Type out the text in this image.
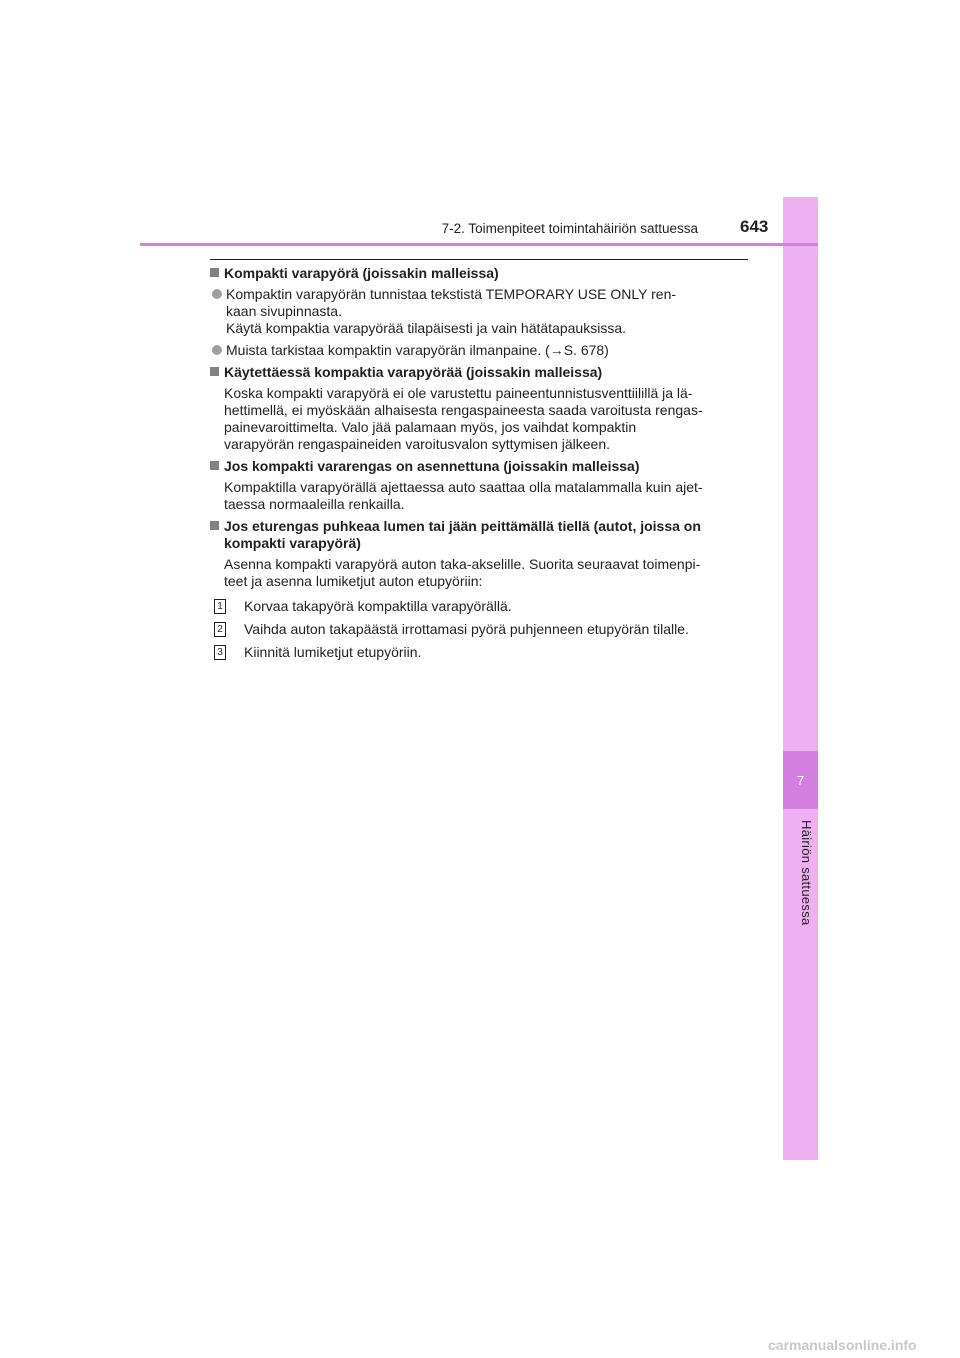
7
Häiriön sattuessa
7-2. Toimenpiteet toimintahäiriön sattuessa 643
Kompakti varapyörä (joissakin malleissa)
Kompaktin varapyörän tunnistaa tekstistä TEMPORARY USE ONLY ren-
kaan sivupinnasta.
Käytä kompaktia varapyörää tilapäisesti ja vain hätätapauksissa.
Muista tarkistaa kompaktin varapyörän ilmanpaine. (→S. 678)
Käytettäessä kompaktia varapyörää (joissakin malleissa)
Koska kompakti varapyörä ei ole varustettu paineentunnistusventtiilillä ja lä-
hettimellä, ei myöskään alhaisesta rengaspaineesta saada varoitusta rengas-
painevaroittimelta. Valo jää palamaan myös, jos vaihdat kompaktin
varapyörän rengaspaineiden varoitusvalon syttymisen jälkeen.
Jos kompakti vararengas on asennettuna (joissakin malleissa)
Kompaktilla varapyörällä ajettaessa auto saattaa olla matalammalla kuin ajet-
taessa normaaleilla renkailla.
Jos eturengas puhkeaa lumen tai jään peittämällä tiellä (autot, joissa on
kompakti varapyörä)
Asenna kompakti varapyörä auton taka-akselille. Suorita seuraavat toimenpi-
teet ja asenna lumiketjut auton etupyöriin:
1 Korvaa takapyörä kompaktilla varapyörällä.
2 Vaihda auton takapäästä irrottamasi pyörä puhjenneen etupyörän tilalle.
3 Kiinnitä lumiketjut etupyöriin.
carmanualsonline.info
